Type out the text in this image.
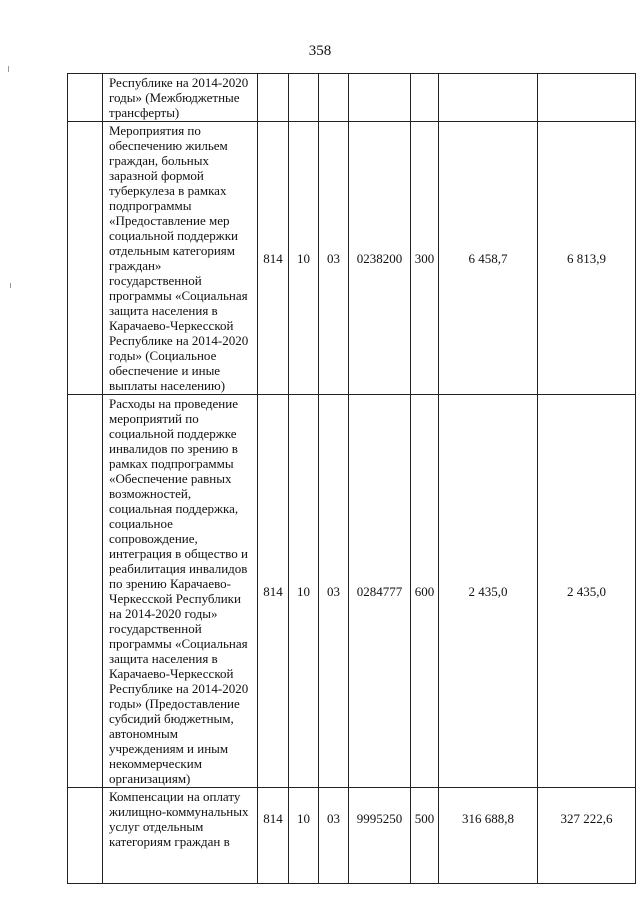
358
	Республике на 2014-2020 годы» (Межбюджетные трансферты)							
	Мероприятия по обеспечению жильем граждан, больных заразной формой туберкулеза в рамках подпрограммы «Предоставлeние мер социальной поддержки отдельным категориям граждан» государственной программы «Социальная защита населения в Карачаево-Черкесской Республике на 2014-2020 годы» (Социальное обеспечение и иные выплаты населению)	814	10	03	0238200	300	6 458,7	6 813,9
	Расходы на проведение мероприятий по социальной поддержке инвалидов по зрению в рамках подпрограммы «Обеспечение равных возможностей, социальная поддержка, социальное сопровождение, интеграция в общество и реабилитация инвалидов по зрению Карачаево-Черкесской Республики на 2014-2020 годы» государственной программы «Социальная защита населения в Карачаево-Черкесской Республике на 2014-2020 годы» (Предоставление субсидий бюджетным, автономным учреждениям и иным некоммерческим организациям)	814	10	03	0284777	600	2 435,0	2 435,0
	Компенсации на оплату жилищно-коммунальных услуг отдельным категориям граждан в	814	10	03	9995250	500	316 688,8	327 222,6
